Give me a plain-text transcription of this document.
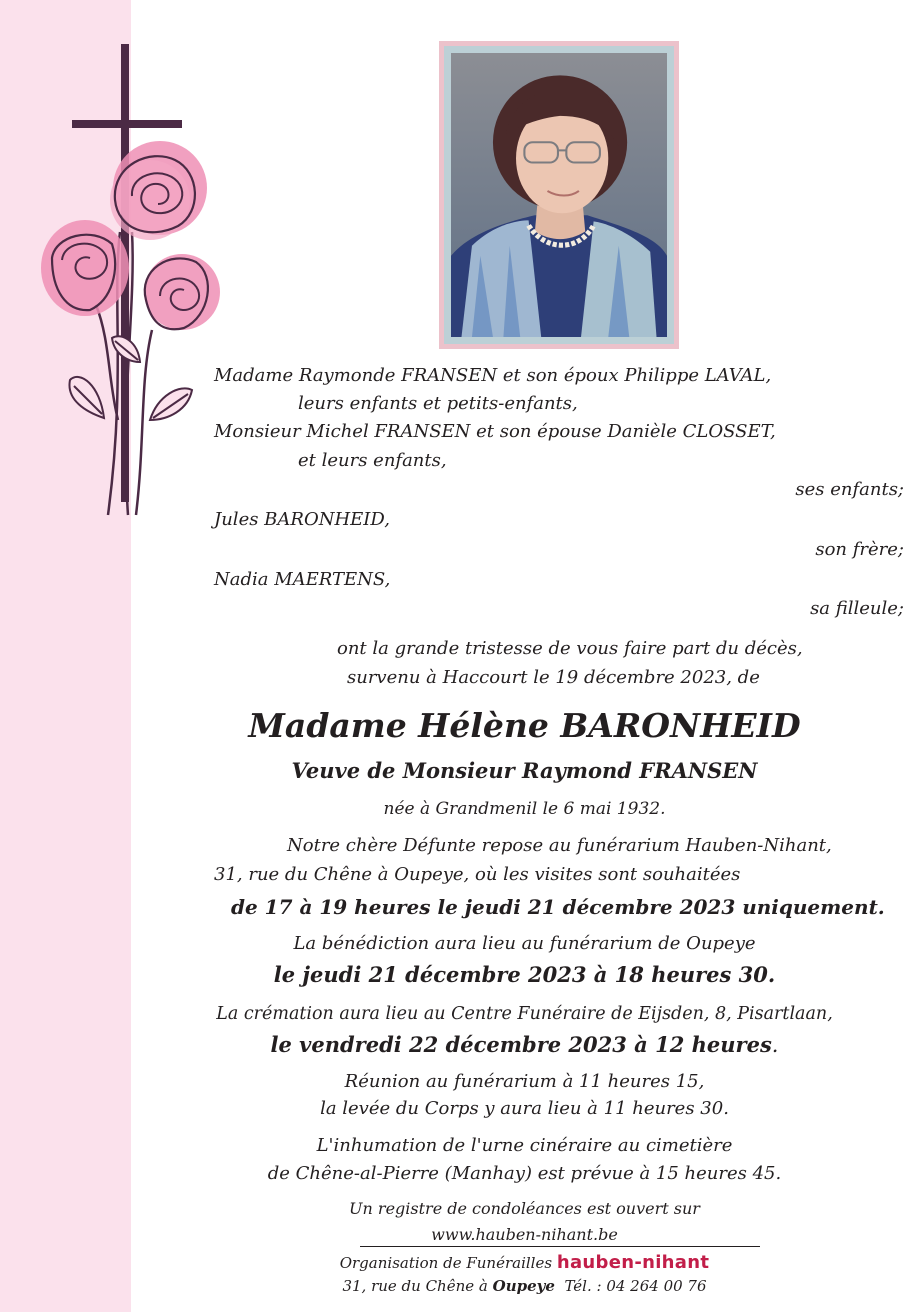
Madame Raymonde FRANSEN et son époux Philippe LAVAL,
leurs enfants et petits-enfants,
Monsieur Michel FRANSEN et son épouse Danièle CLOSSET,
et leurs enfants,
ses enfants;
Jules BARONHEID,
son frère;
Nadia MAERTENS,
sa filleule;
ont la grande tristesse de vous faire part du décès,
survenu à Haccourt le 19 décembre 2023, de
Madame Hélène BARONHEID
Veuve de Monsieur Raymond FRANSEN
née à Grandmenil le 6 mai 1932.
Notre chère Défunte repose au funérarium Hauben-Nihant,
31, rue du Chêne à Oupeye, où les visites sont souhaitées
de 17 à 19 heures le jeudi 21 décembre 2023 uniquement.
La bénédiction aura lieu au funérarium de Oupeye
le jeudi 21 décembre 2023 à 18 heures 30.
La crémation aura lieu au Centre Funéraire de Eijsden, 8, Pisartlaan,
le vendredi 22 décembre 2023 à 12 heures.
Réunion au funérarium à 11 heures 15,
la levée du Corps y aura lieu à 11 heures 30.
L'inhumation de l'urne cinéraire au cimetière
de Chêne-al-Pierre (Manhay) est prévue à 15 heures 45.
Un registre de condoléances est ouvert sur
www.hauben-nihant.be
Organisation de Funérailles hauben-nihant
31, rue du Chêne à Oupeye Tél. : 04 264 00 76
